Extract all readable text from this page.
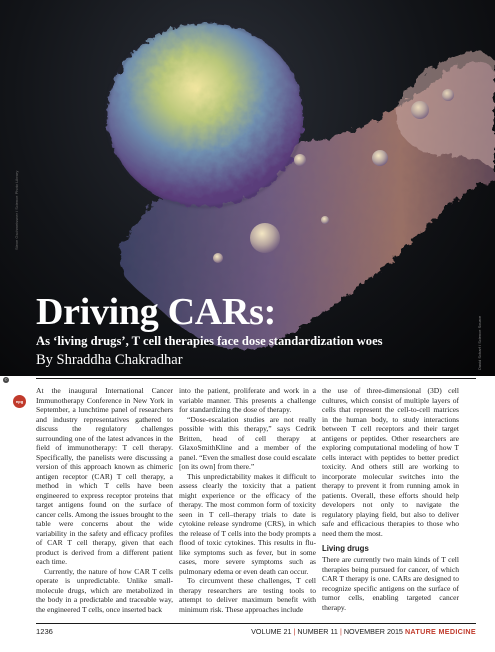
Steve Gschmeissner / Science Photo Library
David Scharf / Science Source
Driving CARs:
As ‘living drugs’, T cell therapies face dose standardization woes

By Shraddha Chakradhar

©
npg

At the inaugural International Cancer Immunotherapy Conference in New York in September, a lunchtime panel of researchers and industry representatives gathered to discuss the regulatory challenges surrounding one of the latest advances in the field of immunotherapy: T cell therapy. Specifically, the panelists were discussing a version of this approach known as chimeric antigen receptor (CAR) T cell therapy, a method in which T cells have been engineered to express receptor proteins that target antigens found on the surface of cancer cells. Among the issues brought to the table were concerns about the wide variability in the safety and efficacy profiles of CAR T cell therapy, given that each product is derived from a different patient each time.

Currently, the nature of how CAR T cells operate is unpredictable. Unlike small-molecule drugs, which are metabolized in the body in a predictable and traceable way, the engineered T cells, once inserted back

into the patient, proliferate and work in a variable manner. This presents a challenge for standardizing the dose of therapy.

“Dose-escalation studies are not really possible with this therapy,” says Cedrik Britten, head of cell therapy at GlaxoSmithKline and a member of the panel. “Even the smallest dose could escalate [on its own] from there.”

This unpredictability makes it difficult to assess clearly the toxicity that a patient might experience or the efficacy of the therapy. The most common form of toxicity seen in T cell–therapy trials to date is cytokine release syndrome (CRS), in which the release of T cells into the body prompts a flood of toxic cytokines. This results in flu-like symptoms such as fever, but in some cases, more severe symptoms such as pulmonary edema or even death can occur.

To circumvent these challenges, T cell therapy researchers are testing tools to attempt to deliver maximum benefit with minimum risk. These approaches include

the use of three-dimensional (3D) cell cultures, which consist of multiple layers of cells that represent the cell-to-cell matrices in the human body, to study interactions between T cell receptors and their target antigens or peptides. Other researchers are exploring computational modeling of how T cells interact with peptides to better predict toxicity. And others still are working to incorporate molecular switches into the therapy to prevent it from running amok in patients. Overall, these efforts should help developers not only to navigate the regulatory playing field, but also to deliver safe and efficacious therapies to those who need them the most.

Living drugs

There are currently two main kinds of T cell therapies being pursued for cancer, of which CAR T therapy is one. CARs are designed to recognize specific antigens on the surface of tumor cells, enabling targeted cancer therapy.

1236	VOLUME 21 | NUMBER 11 | NOVEMBER 2015 NATURE MEDICINE
